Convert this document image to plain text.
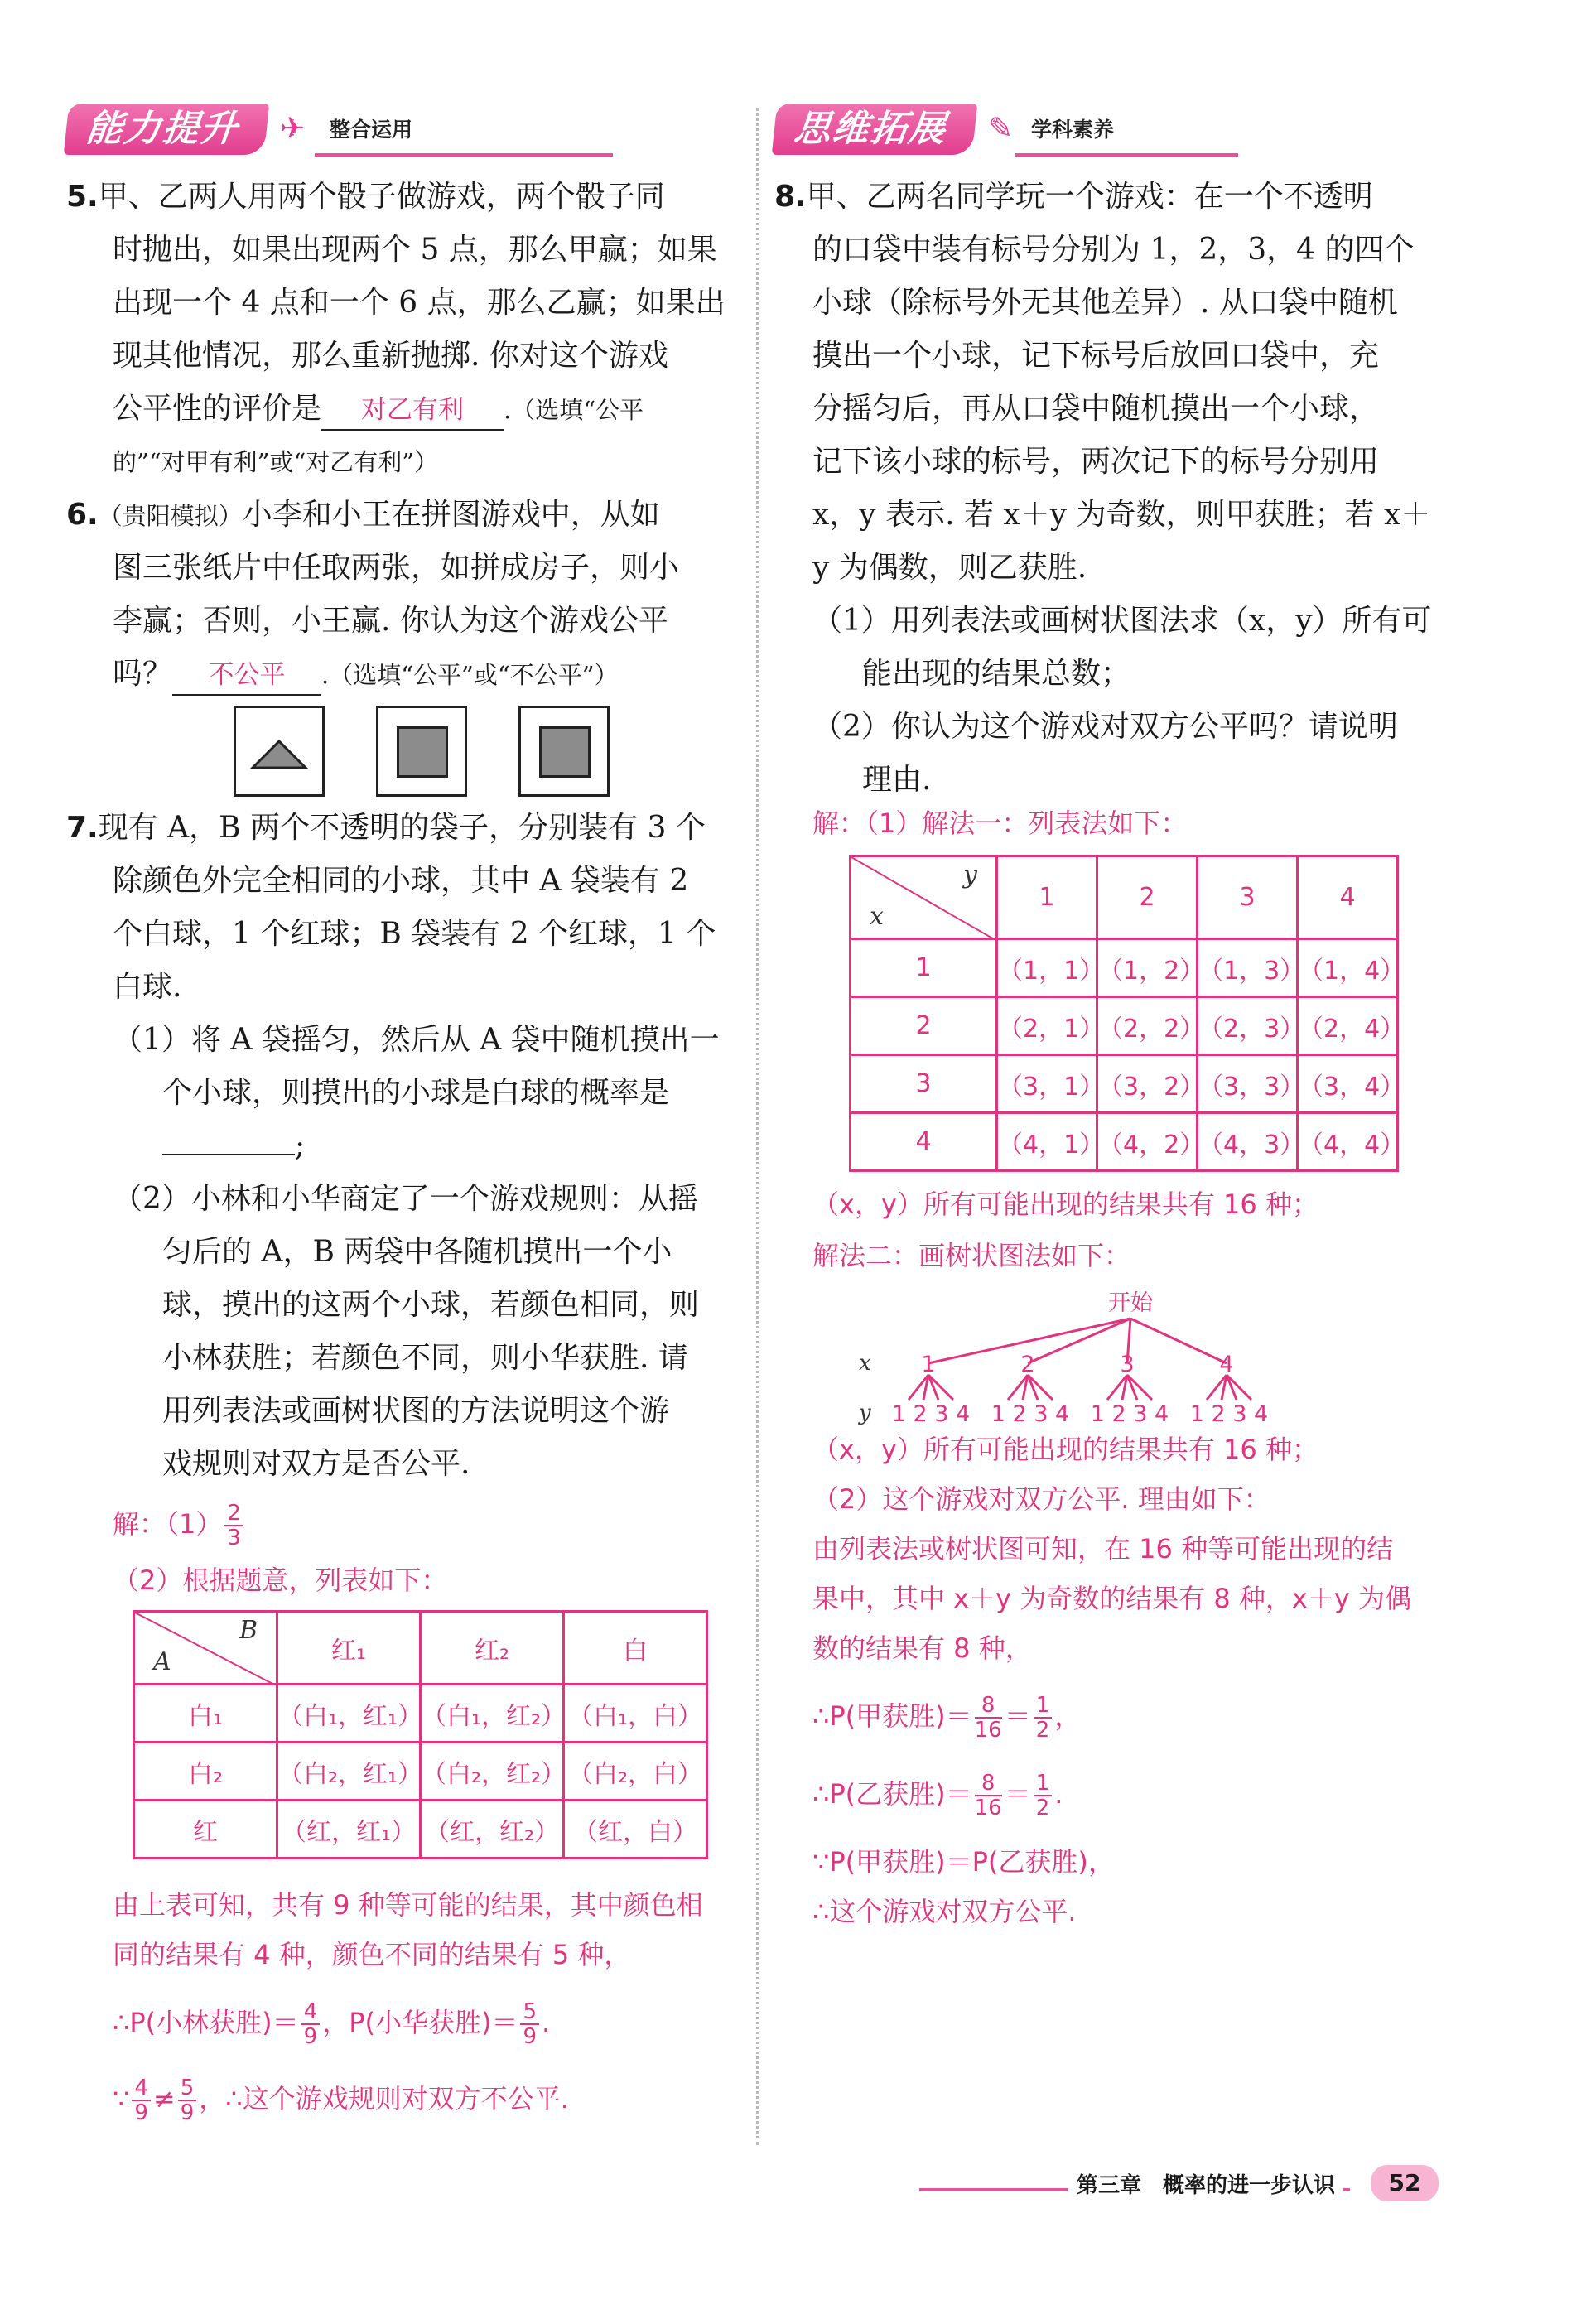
能力提升	✈ 整合运用
5.甲、乙两人用两个骰子做游戏，两个骰子同
时抛出，如果出现两个 5 点，那么甲赢；如果
出现一个 4 点和一个 6 点，那么乙赢；如果出
现其他情况，那么重新抛掷. 你对这个游戏
公平性的评价是 对乙有利 .（选填“公平
的”“对甲有利”或“对乙有利”）
6.（贵阳模拟）小李和小王在拼图游戏中，从如
图三张纸片中任取两张，如拼成房子，则小
李赢；否则，小王赢. 你认为这个游戏公平
吗？ 不公平 .（选填“公平”或“不公平”）
7.现有 A，B 两个不透明的袋子，分别装有 3 个
除颜色外完全相同的小球，其中 A 袋装有 2
个白球，1 个红球；B 袋装有 2 个红球，1 个
白球.
（1）将 A 袋摇匀，然后从 A 袋中随机摸出一
个小球，则摸出的小球是白球的概率是
;
（2）小林和小华商定了一个游戏规则：从摇
匀后的 A，B 两袋中各随机摸出一个小
球，摸出的这两个小球，若颜色相同，则
小林获胜；若颜色不同，则小华获胜. 请
用列表法或画树状图的方法说明这个游
戏规则对双方是否公平.
解：$(1) \frac{2}{3}$
（2）根据题意，列表如下：
B
A	红₁	红₂	白
白₁	（白₁，红₁）	（白₁，红₂）	（白₁，白）
白₂	（白₂，红₁）	（白₂，红₂）	（白₂，白）
红	（红，红₁）	（红，红₂）	（红，白）
由上表可知，共有 9 种等可能的结果，其中颜色相
同的结果有 4 种，颜色不同的结果有 5 种，
∴P(小林获胜)＝ $\frac{4}{9}$ ，P(小华获胜)＝ $\frac{5}{9}$ .
∵ $\frac{4}{9} \ne \frac{5}{9}$ ，∴这个游戏规则对双方不公平.
思维拓展	✎ 学科素养
8.甲、乙两名同学玩一个游戏：在一个不透明
的口袋中装有标号分别为 1，2，3，4 的四个
小球（除标号外无其他差异）. 从口袋中随机
摸出一个小球，记下标号后放回口袋中，充
分摇匀后，再从口袋中随机摸出一个小球，
记下该小球的标号，两次记下的标号分别用
x，y 表示. 若 x＋y 为奇数，则甲获胜；若 x＋
y 为偶数，则乙获胜.
（1）用列表法或画树状图法求（x，y）所有可
能出现的结果总数；
（2）你认为这个游戏对双方公平吗？请说明
理由.
解：（1）解法一：列表法如下：
y
x	1	2	3	4
1	（1，1）	（1，2）	（1，3）	（1，4）
2	（2，1）	（2，2）	（2，3）	（2，4）
3	（3，1）	（3，2）	（3，3）	（3，4）
4	（4，1）	（4，2）	（4，3）	（4，4）
（x，y）所有可能出现的结果共有 16 种；
解法二：画树状图法如下：
开始
1	2	3	4
1 2 3 4 1 2 3 4 1 2 3 4 1 2 3 4
x
y
（x，y）所有可能出现的结果共有 16 种；
（2）这个游戏对双方公平. 理由如下：
由列表法或树状图可知，在 16 种等可能出现的结
果中，其中 x＋y 为奇数的结果有 8 种，x＋y 为偶
数的结果有 8 种，
∴P(甲获胜)＝ $\frac{8}{16} = \frac{1}{2}$ ，
∴P(乙获胜)＝ $\frac{8}{16} = \frac{1}{2}$ .
∵P(甲获胜)＝P(乙获胜)，
∴这个游戏对双方公平.
第三章　概率的进一步认识	52
